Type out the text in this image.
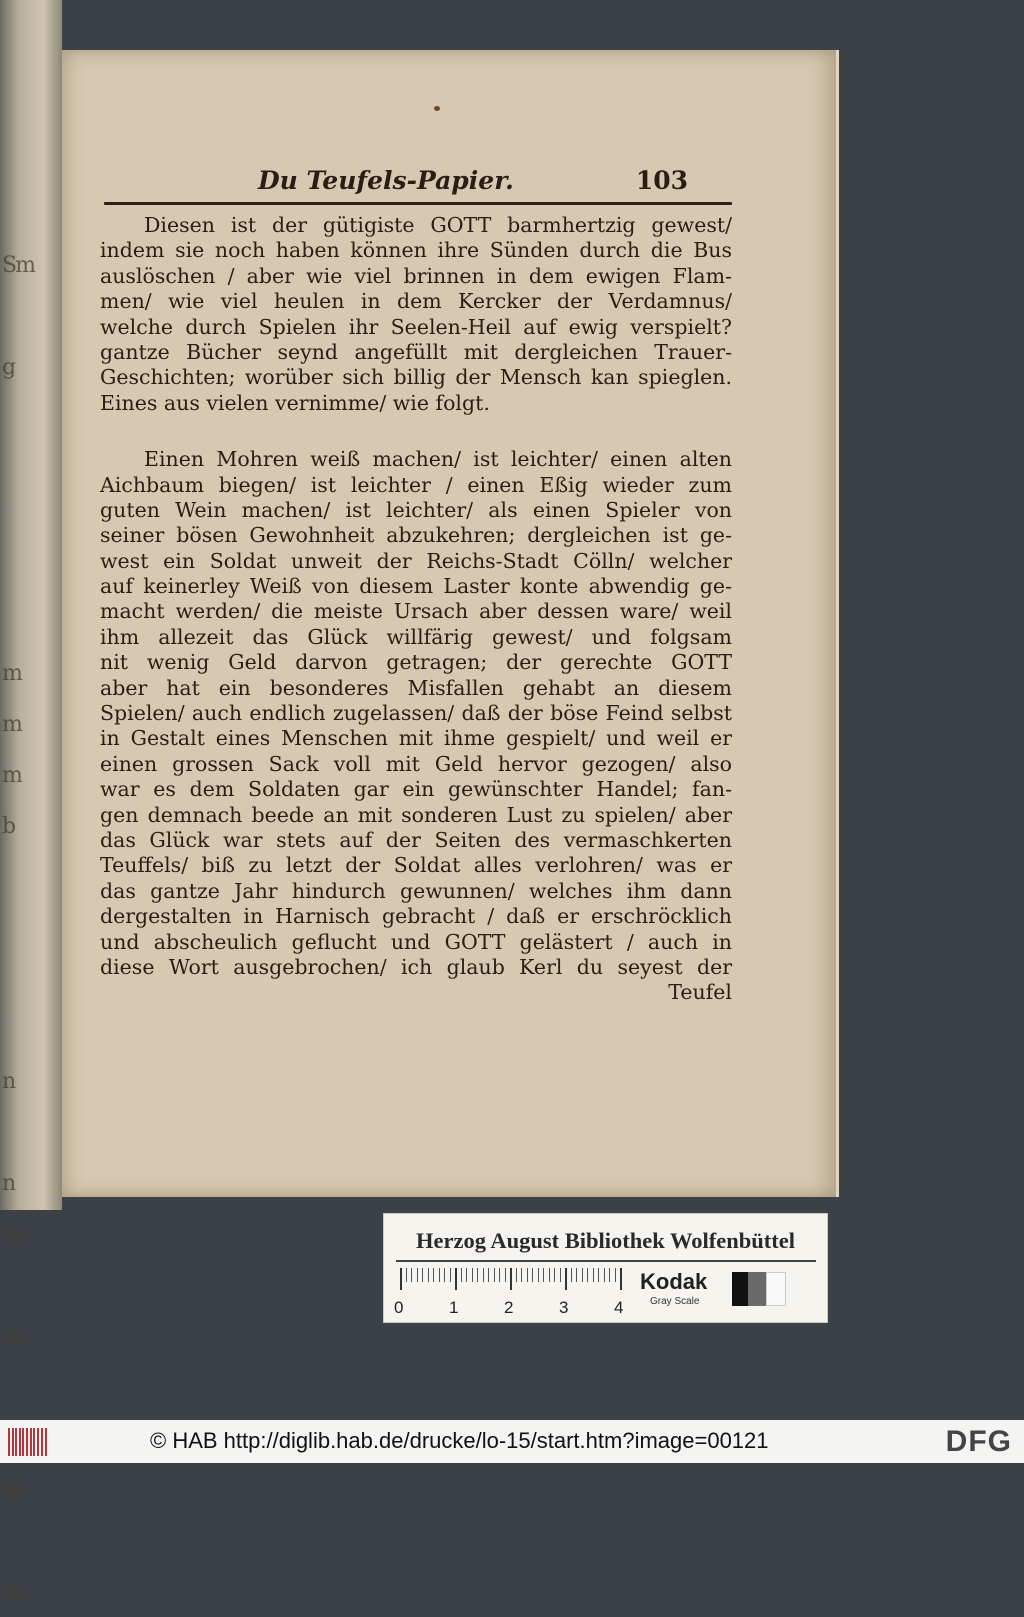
Sm

g

m
m
m
b

n

n
m

m

m

m
Du Teufels-Papier.	103
Diesen ist der gütigiste GOTT barmhertzig gewest/
indem sie noch haben können ihre Sünden durch die Bus
auslöschen / aber wie viel brinnen in dem ewigen Flam-
men/ wie viel heulen in dem Kercker der Verdamnus/
welche durch Spielen ihr Seelen-Heil auf ewig verspielt?
gantze Bücher seynd angefüllt mit dergleichen Trauer-
Geschichten; worüber sich billig der Mensch kan spieglen.
Eines aus vielen vernimme/ wie folgt.
Einen Mohren weiß machen/ ist leichter/ einen alten
Aichbaum biegen/ ist leichter / einen Eßig wieder zum
guten Wein machen/ ist leichter/ als einen Spieler von
seiner bösen Gewohnheit abzukehren; dergleichen ist ge-
west ein Soldat unweit der Reichs-Stadt Cölln/ welcher
auf keinerley Weiß von diesem Laster konte abwendig ge-
macht werden/ die meiste Ursach aber dessen ware/ weil
ihm allezeit das Glück willfärig gewest/ und folgsam
nit wenig Geld darvon getragen; der gerechte GOTT
aber hat ein besonderes Misfallen gehabt an diesem
Spielen/ auch endlich zugelassen/ daß der böse Feind selbst
in Gestalt eines Menschen mit ihme gespielt/ und weil er
einen grossen Sack voll mit Geld hervor gezogen/ also
war es dem Soldaten gar ein gewünschter Handel; fan-
gen demnach beede an mit sonderen Lust zu spielen/ aber
das Glück war stets auf der Seiten des vermaschkerten
Teuffels/ biß zu letzt der Soldat alles verlohren/ was er
das gantze Jahr hindurch gewunnen/ welches ihm dann
dergestalten in Harnisch gebracht / daß er erschröcklich
und abscheulich geflucht und GOTT gelästert / auch in
diese Wort ausgebrochen/ ich glaub Kerl du seyest der
Teufel
Herzog August Bibliothek Wolfenbüttel
0	1	2	3	4
Kodak
Gray Scale
© HAB http://diglib.hab.de/drucke/lo-15/start.htm?image=00121	DFG
